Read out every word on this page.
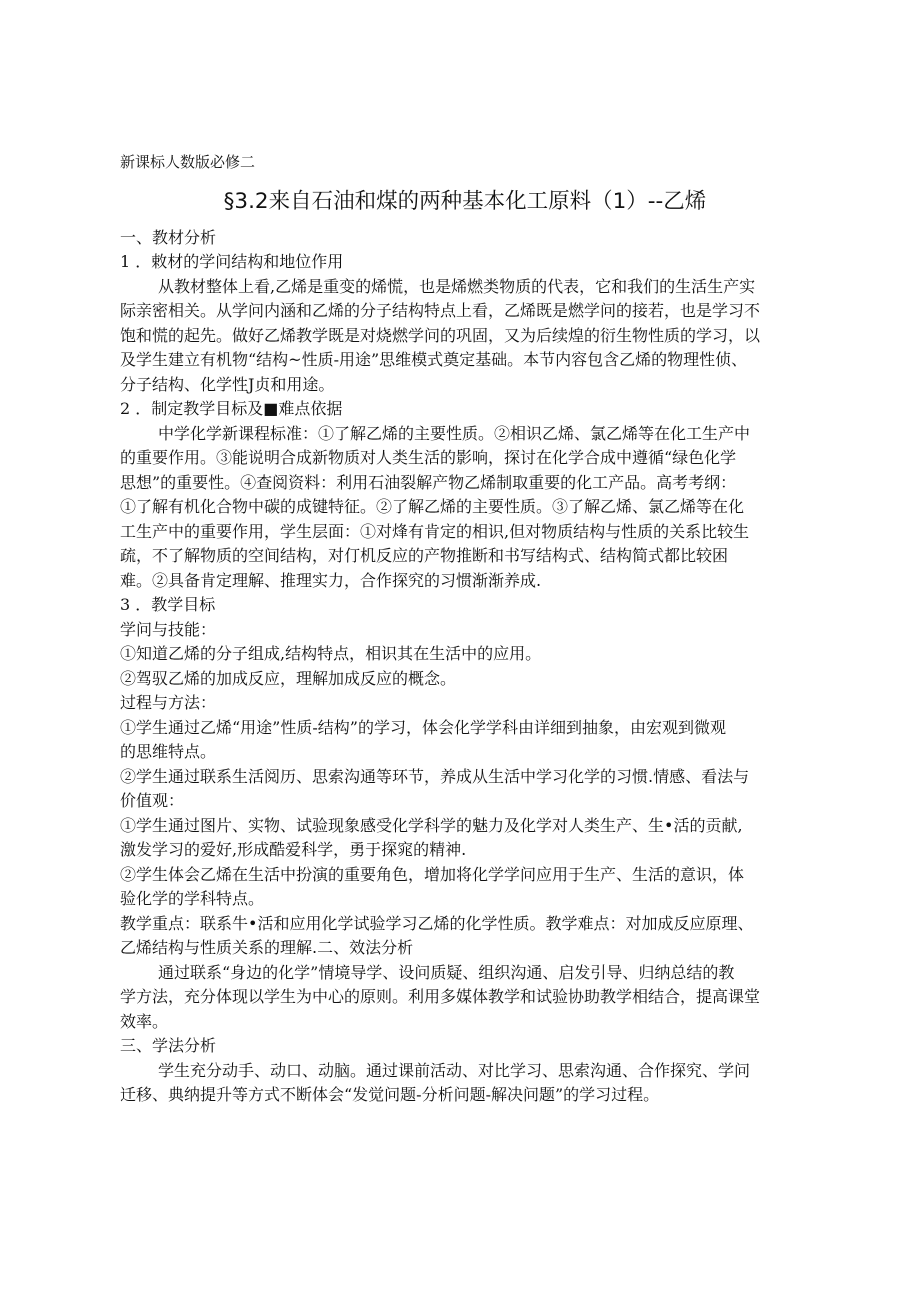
新课标人数版必修二
§3.2来自石油和煤的两种基本化工原料（1）--乙烯
一、教材分析
1 ．敕材的学问结构和地位作用
从教材整体上看,乙烯是重变的烯慌，也是烯燃类物质的代表，它和我们的生活生产实
际亲密相关。从学问内涵和乙烯的分子结构特点上看，乙烯既是燃学问的接若，也是学习不
饱和慌的起先。做好乙烯教学既是对烧燃学问的巩固，又为后续煌的衍生物性质的学习，以
及学生建立有机物“结构~性质-用途”思维模式奠定基础。本节内容包含乙烯的物理性侦、
分子结构、化学性J贞和用途。
2 ．制定教学目标及■难点依据
中学化学新课程标准：①了解乙烯的主要性质。②相识乙烯、氯乙烯等在化工生产中
的重要作用。③能说明合成新物质对人类生活的影响，探讨在化学合成中遵循“绿色化学
思想”的重要性。④查阅资料：利用石油裂解产物乙烯制取重要的化工产品。高考考纲：
①了解有机化合物中碳的成键特征。②了解乙烯的主要性质。③了解乙烯、氯乙烯等在化
工生产中的重要作用，学生层面：①对烽有肯定的相识,但对物质结构与性质的关系比较生
疏，不了解物质的空间结构，对仃机反应的产物推断和书写结构式、结构简式都比较困
难。②具备肯定理解、推理实力，合作探究的习惯渐渐养成.
3 ．教学目标
学问与技能：
①知道乙烯的分子组成,结构特点，相识其在生活中的应用。
②驾驭乙烯的加成反应，理解加成反应的概念。
过程与方法：
①学生通过乙烯“用途”性质-结构”的学习，体会化学学科由详细到抽象，由宏观到微观
的思维特点。
②学生通过联系生活阅历、思索沟通等环节，养成从生活中学习化学的习惯.情感、看法与
价值观：
①学生通过图片、实物、试验现象感受化学科学的魅力及化学对人类生产、生•活的贡献,
激发学习的爱好,形成酷爱科学，勇于探窕的精神.
②学生体会乙烯在生活中扮演的重要角色，增加将化学学问应用于生产、生活的意识，体
验化学的学科特点。
教学重点：联系牛•活和应用化学试验学习乙烯的化学性质。教学难点：对加成反应原理、
乙烯结构与性质关系的理解.二、效法分析
通过联系“身边的化学”情境导学、设问质疑、组织沟通、启发引导、归纳总结的教
学方法，充分体现以学生为中心的原则。利用多媒体教学和试验协助教学相结合，提高课堂
效率。
三、学法分析
学生充分动手、动口、动脑。通过课前活动、对比学习、思索沟通、合作探究、学问
迁移、典纳提升等方式不断体会“发觉问题-分析问题-解决问题”的学习过程。
